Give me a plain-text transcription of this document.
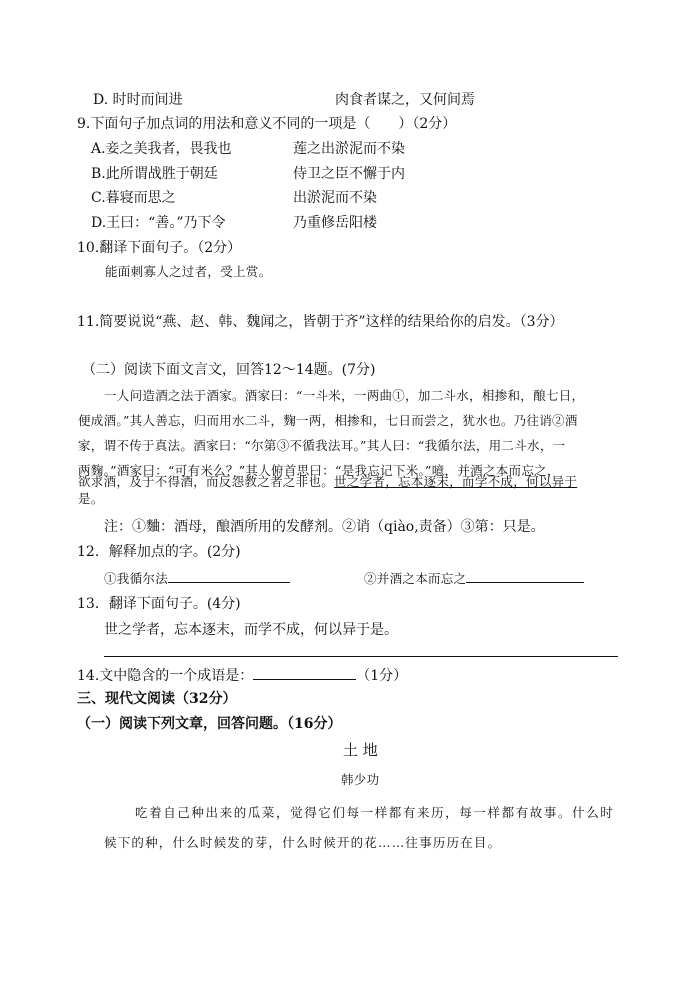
D. 时时而间进	肉食者谋之，又何间焉
9.下面句子加点词的用法和意义不同的一项是（　　）（2分）
A.妾之美我者，畏我也	莲之出淤泥而不染
B.此所谓战胜于朝廷	侍卫之臣不懈于内
C.暮寝而思之	出淤泥而不染
D.王曰：“善。”乃下令	乃重修岳阳楼
10.翻译下面句子。（2分）
能面刺寡人之过者，受上赏。
11.简要说说“燕、赵、韩、魏闻之，皆朝于齐”这样的结果给你的启发。（3分）
（二）阅读下面文言文，回答12～14题。(7分)
一人问造酒之法于酒家。酒家曰：“一斗米，一两曲①，加二斗水，相掺和，酿七日，
便成酒。”其人善忘，归而用水二斗，麴一两，相掺和，七日而尝之，犹水也。乃往诮②酒
家，谓不传于真法。酒家曰：“尔第③不循我法耳。”其人曰：“我循尔法，用二斗水，一
两麴。”酒家曰：“可有米么？”其人俯首思曰：“是我忘记下米。”噫，并酒之本而忘之，
欲求酒，及于不得酒，而反怨教之者之非也。世之学者，忘本逐末，而学不成，何以异于
是。
注：①麯：酒母，酿酒所用的发酵剂。②诮（qiào,责备）③第：只是。
12．解释加点的字。(2分)
①我循尔法	②并酒之本而忘之
13．翻译下面句子。(4分)
世之学者，忘本逐末，而学不成，何以异于是。
14.文中隐含的一个成语是：	（1分）
三、现代文阅读（32分）
（一）阅读下列文章，回答问题。（16分）
土 地
韩少功
吃着自己种出来的瓜菜，觉得它们每一样都有来历，每一样都有故事。什么时
候下的种，什么时候发的芽，什么时候开的花……往事历历在目。
